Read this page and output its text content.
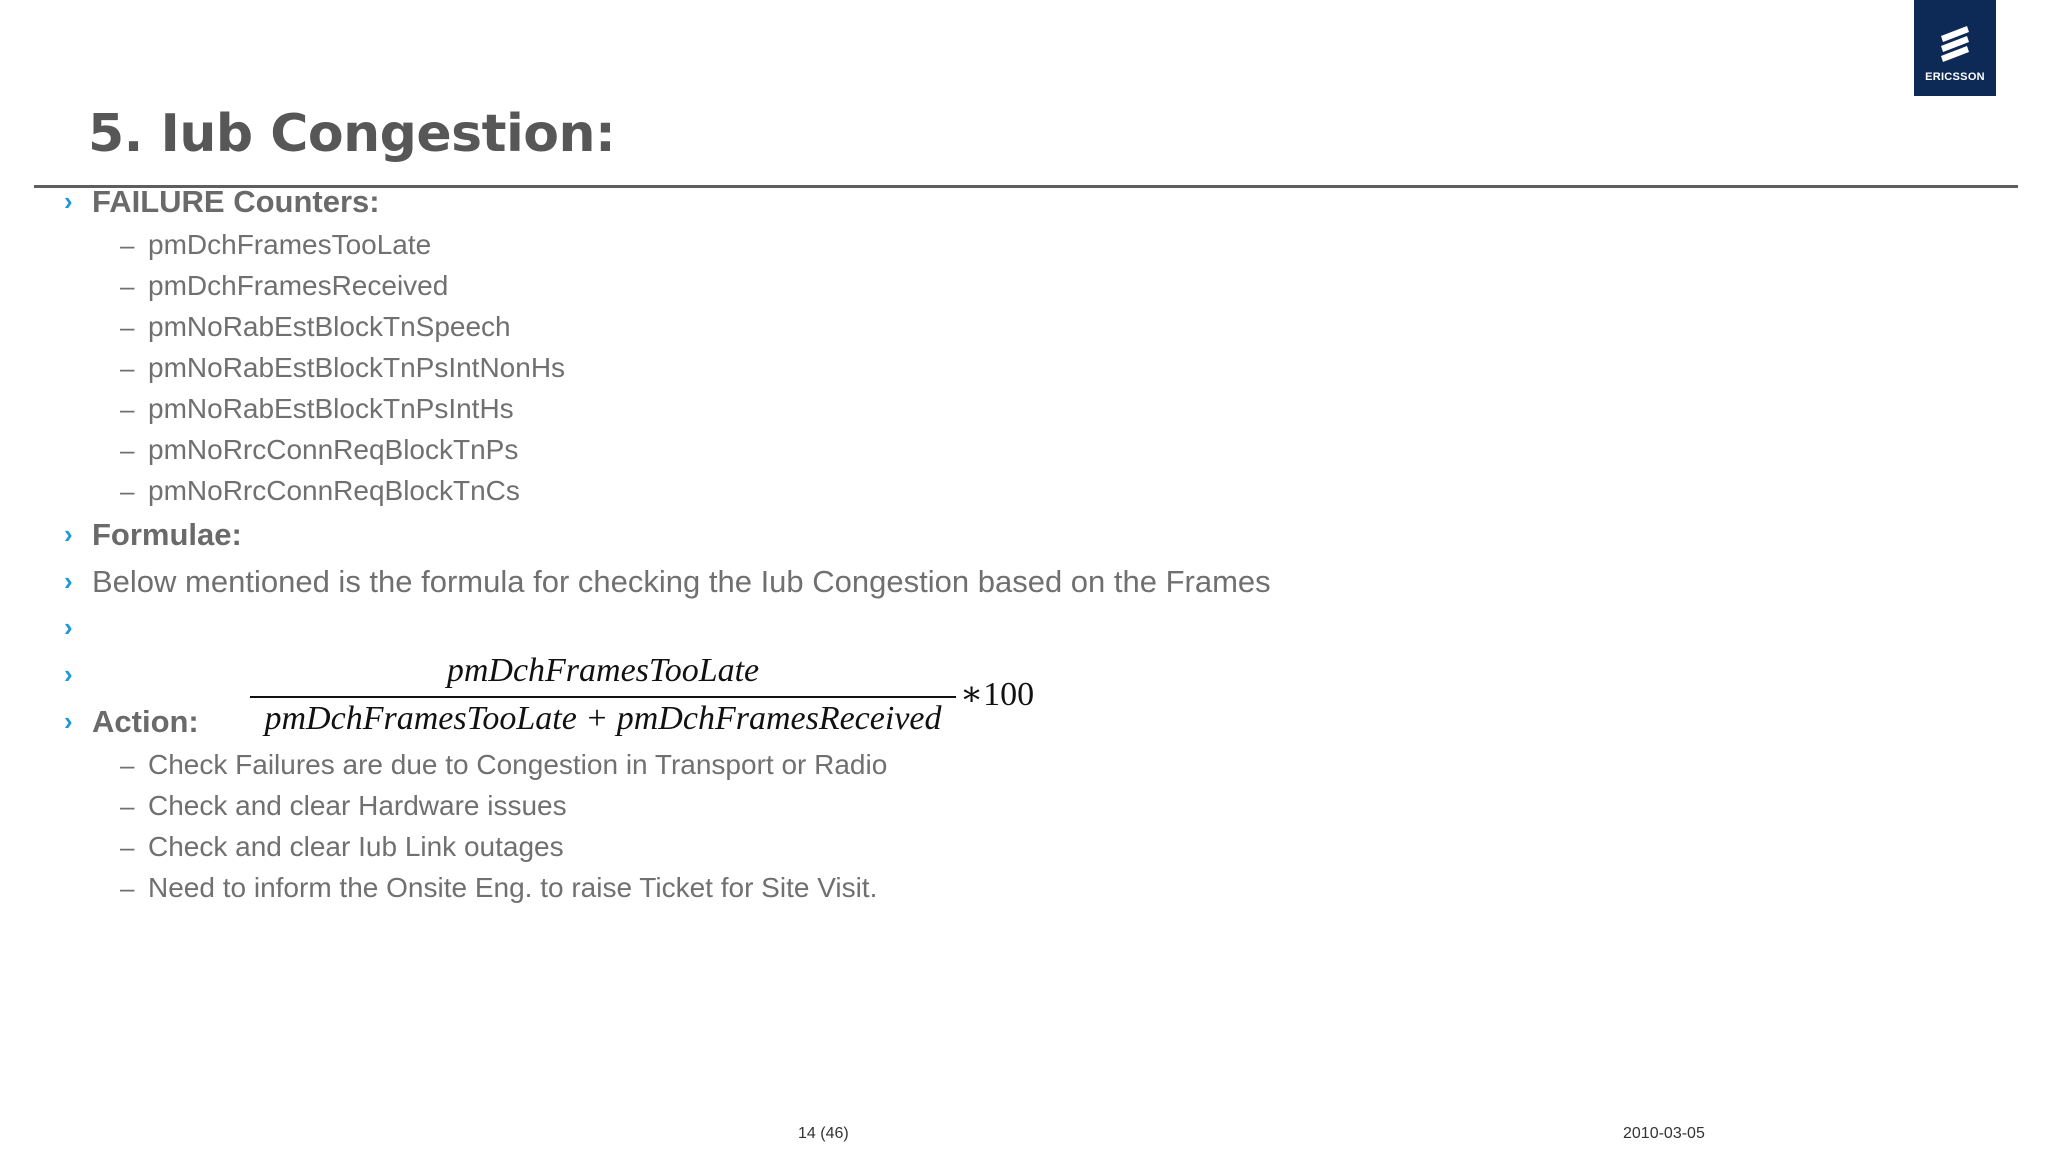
ERICSSON
5. Iub Congestion:
› FAILURE Counters:
– pmDchFramesTooLate
– pmDchFramesReceived
– pmNoRabEstBlockTnSpeech
– pmNoRabEstBlockTnPsIntNonHs
– pmNoRabEstBlockTnPsIntHs
– pmNoRrcConnReqBlockTnPs
– pmNoRrcConnReqBlockTnCs
› Formulae:
› Below mentioned is the formula for checking the Iub Congestion based on the Frames
›
›	pmDchFramesTooLate
pmDchFramesTooLate + pmDchFramesReceived
∗100
› Action:
– Check Failures are due to Congestion in Transport or Radio
– Check and clear Hardware issues
– Check and clear Iub Link outages
– Need to inform the Onsite Eng. to raise Ticket for Site Visit.
14 (46)	2010-03-05
